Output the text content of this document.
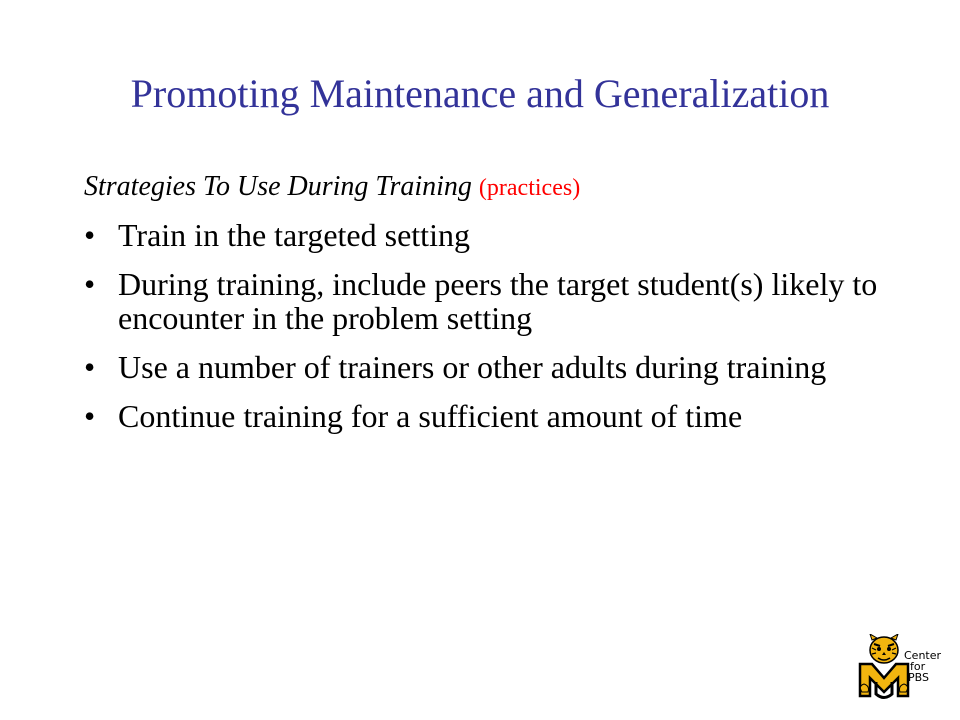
Promoting Maintenance and Generalization
Strategies To Use During Training (practices)
• Train in the targeted setting
• During training, include peers the target student(s) likely to encounter in the problem setting
• Use a number of trainers or other adults during training
• Continue training for a sufficient amount of time
Center
for
PBS
